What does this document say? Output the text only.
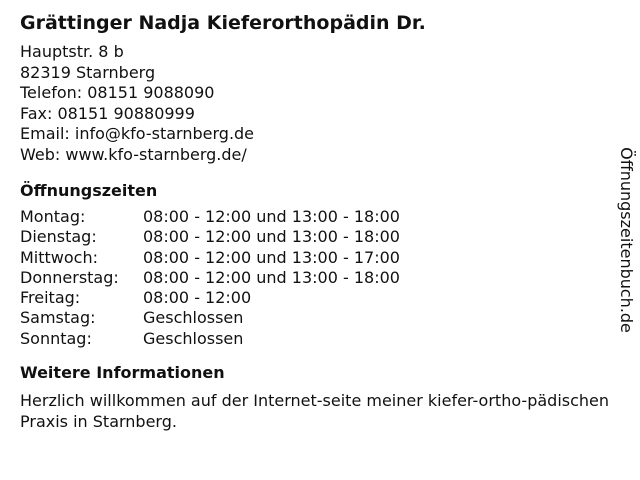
Grättinger Nadja Kieferorthopädin Dr.
Hauptstr. 8 b
82319 Starnberg
Telefon: 08151 9088090
Fax: 08151 90880999
Email: info@kfo-starnberg.de
Web: www.kfo-starnberg.de/
Öffnungszeiten
Montag:	08:00 - 12:00 und 13:00 - 18:00
Dienstag:	08:00 - 12:00 und 13:00 - 18:00
Mittwoch:	08:00 - 12:00 und 13:00 - 17:00
Donnerstag:	08:00 - 12:00 und 13:00 - 18:00
Freitag:	08:00 - 12:00
Samstag:	Geschlossen
Sonntag:	Geschlossen
Weitere Informationen
Herzlich willkommen auf der Internet-seite meiner kiefer-ortho-pädischen Praxis in Starnberg.
Öffnungszeitenbuch.de
